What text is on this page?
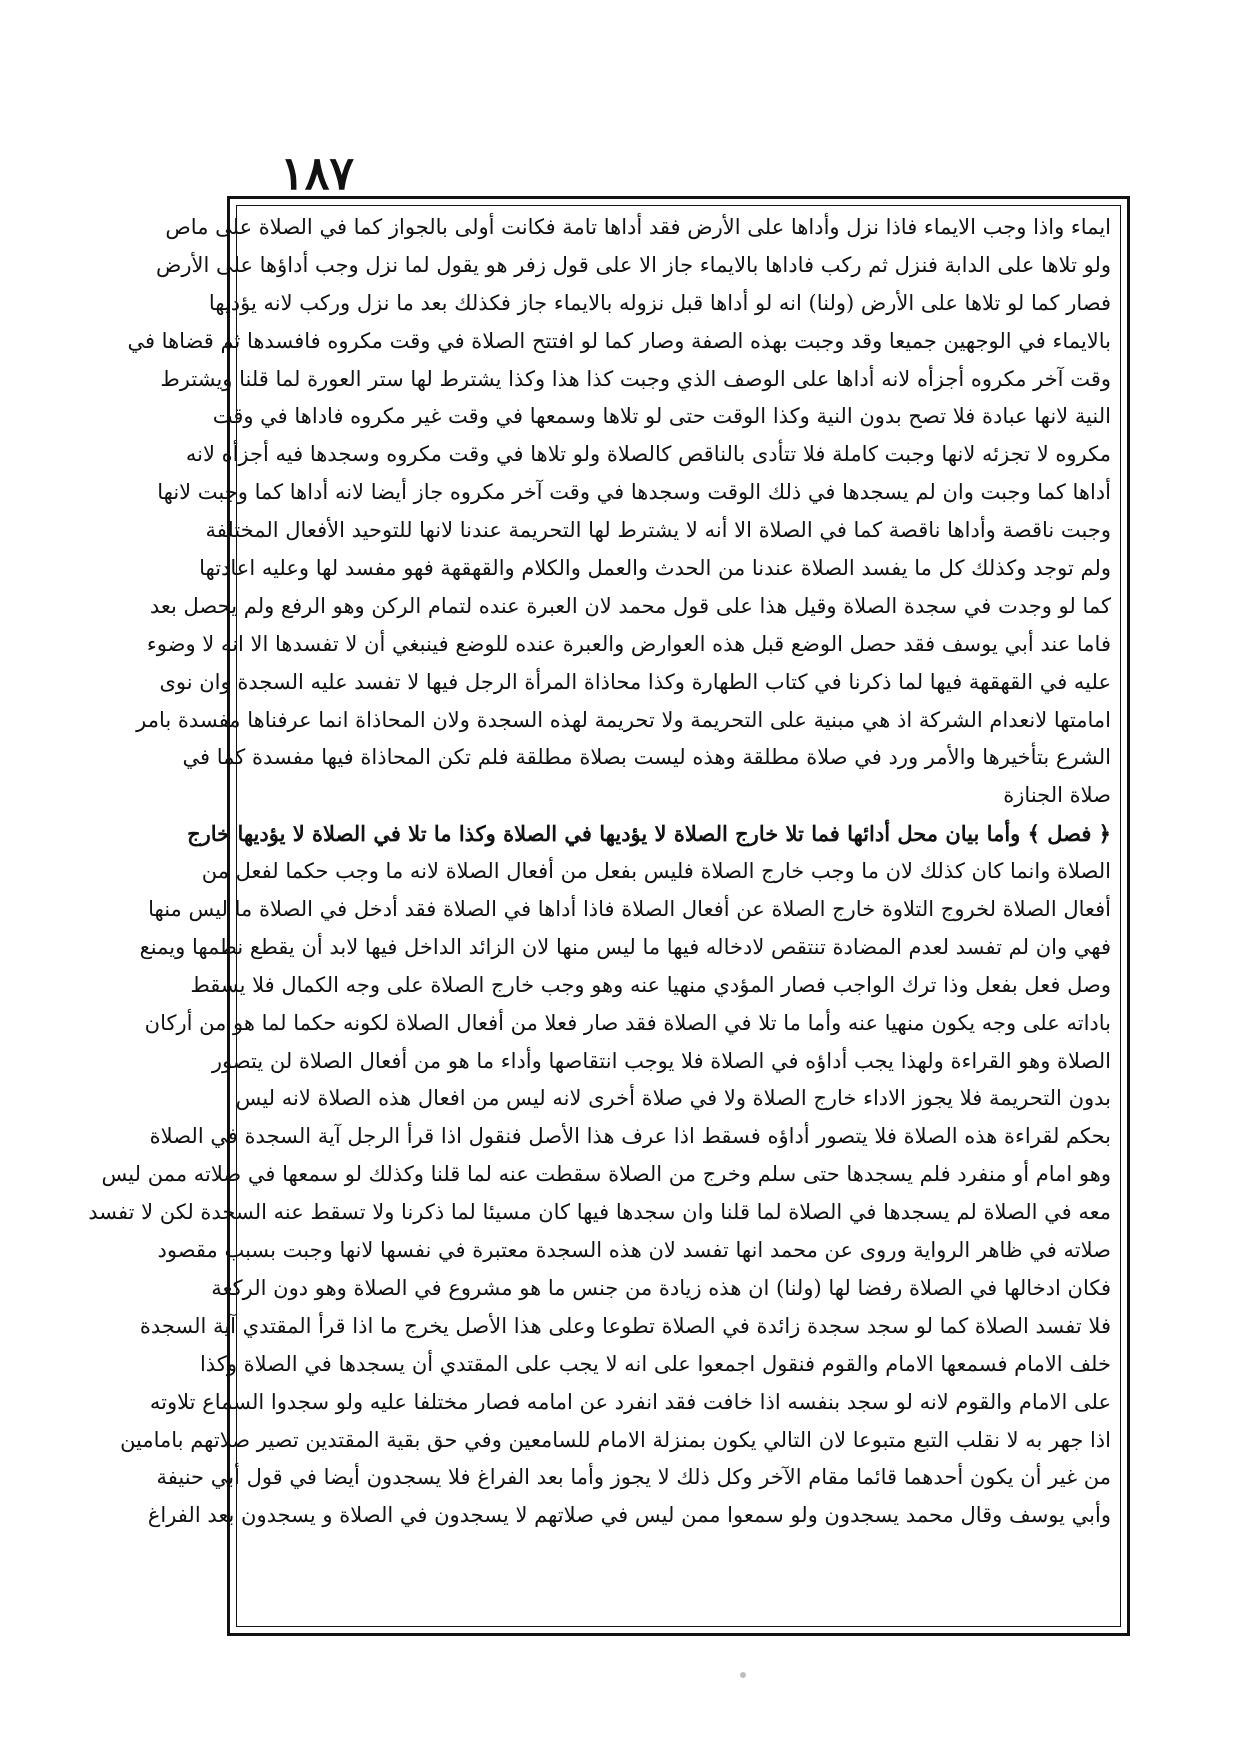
١٨٧
ايماء واذا وجب الايماء فاذا نزل وأداها على الأرض فقد أداها تامة فكانت أولى بالجواز كما في الصلاة على ماص
ولو تلاها على الدابة فنزل ثم ركب فاداها بالايماء جاز الا على قول زفر هو يقول لما نزل وجب أداؤها على الأرض
فصار كما لو تلاها على الأرض (ولنا) انه لو أداها قبل نزوله بالايماء جاز فكذلك بعد ما نزل وركب لانه يؤديها
بالايماء في الوجهين جميعا وقد وجبت بهذه الصفة وصار كما لو افتتح الصلاة في وقت مكروه فافسدها ثم قضاها في
وقت آخر مكروه أجزأه لانه أداها على الوصف الذي وجبت كذا هذا وكذا يشترط لها ستر العورة لما قلنا ويشترط
النية لانها عبادة فلا تصح بدون النية وكذا الوقت حتى لو تلاها وسمعها في وقت غير مكروه فاداها في وقت
مكروه لا تجزئه لانها وجبت كاملة فلا تتأدى بالناقص كالصلاة ولو تلاها في وقت مكروه وسجدها فيه أجزأه لانه
أداها كما وجبت وان لم يسجدها في ذلك الوقت وسجدها في وقت آخر مكروه جاز أيضا لانه أداها كما وجبت لانها
وجبت ناقصة وأداها ناقصة كما في الصلاة الا أنه لا يشترط لها التحريمة عندنا لانها للتوحيد الأفعال المختلفة
ولم توجد وكذلك كل ما يفسد الصلاة عندنا من الحدث والعمل والكلام والقهقهة فهو مفسد لها وعليه اعادتها
كما لو وجدت في سجدة الصلاة وقيل هذا على قول محمد لان العبرة عنده لتمام الركن وهو الرفع ولم يحصل بعد
فاما عند أبي يوسف فقد حصل الوضع قبل هذه العوارض والعبرة عنده للوضع فينبغي أن لا تفسدها الا انه لا وضوء
عليه في القهقهة فيها لما ذكرنا في كتاب الطهارة وكذا محاذاة المرأة الرجل فيها لا تفسد عليه السجدة وان نوى
امامتها لانعدام الشركة اذ هي مبنية على التحريمة ولا تحريمة لهذه السجدة ولان المحاذاة انما عرفناها مفسدة بامر
الشرع بتأخيرها والأمر ورد في صلاة مطلقة وهذه ليست بصلاة مطلقة فلم تكن المحاذاة فيها مفسدة كما في
صلاة الجنازة
﴿ فصل ﴾ وأما بيان محل أدائها فما تلا خارج الصلاة لا يؤديها في الصلاة وكذا ما تلا في الصلاة لا يؤديها خارج
الصلاة وانما كان كذلك لان ما وجب خارج الصلاة فليس بفعل من أفعال الصلاة لانه ما وجب حكما لفعل من
أفعال الصلاة لخروج التلاوة خارج الصلاة عن أفعال الصلاة فاذا أداها في الصلاة فقد أدخل في الصلاة ما ليس منها
فهي وان لم تفسد لعدم المضادة تنتقص لادخاله فيها ما ليس منها لان الزائد الداخل فيها لابد أن يقطع نظمها ويمنع
وصل فعل بفعل وذا ترك الواجب فصار المؤدي منهيا عنه وهو وجب خارج الصلاة على وجه الكمال فلا يسقط
باداته على وجه يكون منهيا عنه وأما ما تلا في الصلاة فقد صار فعلا من أفعال الصلاة لكونه حكما لما هو من أركان
الصلاة وهو القراءة ولهذا يجب أداؤه في الصلاة فلا يوجب انتقاصها وأداء ما هو من أفعال الصلاة لن يتصور
بدون التحريمة فلا يجوز الاداء خارج الصلاة ولا في صلاة أخرى لانه ليس من افعال هذه الصلاة لانه ليس
بحكم لقراءة هذه الصلاة فلا يتصور أداؤه فسقط اذا عرف هذا الأصل فنقول اذا قرأ الرجل آية السجدة في الصلاة
وهو امام أو منفرد فلم يسجدها حتى سلم وخرج من الصلاة سقطت عنه لما قلنا وكذلك لو سمعها في صلاته ممن ليس
معه في الصلاة لم يسجدها في الصلاة لما قلنا وان سجدها فيها كان مسيئا لما ذكرنا ولا تسقط عنه السجدة لكن لا تفسد
صلاته في ظاهر الرواية وروى عن محمد انها تفسد لان هذه السجدة معتبرة في نفسها لانها وجبت بسبب مقصود
فكان ادخالها في الصلاة رفضا لها (ولنا) ان هذه زيادة من جنس ما هو مشروع في الصلاة وهو دون الركعة
فلا تفسد الصلاة كما لو سجد سجدة زائدة في الصلاة تطوعا وعلى هذا الأصل يخرج ما اذا قرأ المقتدي آية السجدة
خلف الامام فسمعها الامام والقوم فنقول اجمعوا على انه لا يجب على المقتدي أن يسجدها في الصلاة وكذا
على الامام والقوم لانه لو سجد بنفسه اذا خافت فقد انفرد عن امامه فصار مختلفا عليه ولو سجدوا السماع تلاوته
اذا جهر به لا نقلب التبع متبوعا لان التالي يكون بمنزلة الامام للسامعين وفي حق بقية المقتدين تصير صلاتهم بامامين
من غير أن يكون أحدهما قائما مقام الآخر وكل ذلك لا يجوز وأما بعد الفراغ فلا يسجدون أيضا في قول أبي حنيفة
وأبي يوسف وقال محمد يسجدون ولو سمعوا ممن ليس في صلاتهم لا يسجدون في الصلاة و يسجدون بعد الفراغ
